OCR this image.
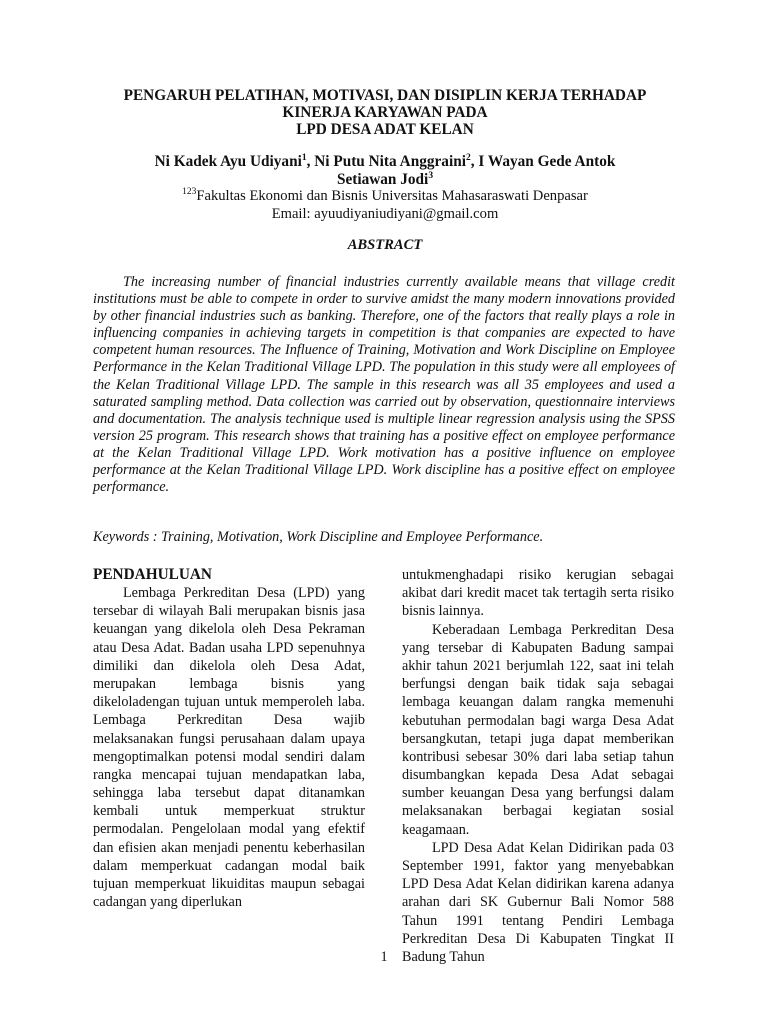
PENGARUH PELATIHAN, MOTIVASI, DAN DISIPLIN KERJA TERHADAP
KINERJA KARYAWAN PADA
LPD DESA ADAT KELAN
Ni Kadek Ayu Udiyani$^1$, Ni Putu Nita Anggraini$^2$, I Wayan Gede Antok
Setiawan Jodi$^3$
$^{123}$Fakultas Ekonomi dan Bisnis Universitas Mahasaraswati Denpasar
Email: ayuudiyaniudiyani@gmail.com
ABSTRACT

The increasing number of financial industries currently available means that village credit institutions must be able to compete in order to survive amidst the many modern innovations provided by other financial industries such as banking. Therefore, one of the factors that really plays a role in influencing companies in achieving targets in competition is that companies are expected to have competent human resources. The Influence of Training, Motivation and Work Discipline on Employee Performance in the Kelan Traditional Village LPD. The population in this study were all employees of the Kelan Traditional Village LPD. The sample in this research was all 35 employees and used a saturated sampling method. Data collection was carried out by observation, questionnaire interviews and documentation. The analysis technique used is multiple linear regression analysis using the SPSS version 25 program. This research shows that training has a positive effect on employee performance at the Kelan Traditional Village LPD. Work motivation has a positive influence on employee performance at the Kelan Traditional Village LPD. Work discipline has a positive effect on employee performance.

Keywords : Training, Motivation, Work Discipline and Employee Performance.

PENDAHULUAN

Lembaga Perkreditan Desa (LPD) yang tersebar di wilayah Bali merupakan bisnis jasa keuangan yang dikelola oleh Desa Pekraman atau Desa Adat. Badan usaha LPD sepenuhnya dimiliki dan dikelola oleh Desa Adat, merupakan lembaga bisnis yang dikeloladengan tujuan untuk memperoleh laba. Lembaga Perkreditan Desa wajib melaksanakan fungsi perusahaan dalam upaya mengoptimalkan potensi modal sendiri dalam rangka mencapai tujuan mendapatkan laba, sehingga laba tersebut dapat ditanamkan kembali untuk memperkuat struktur permodalan. Pengelolaan modal yang efektif dan efisien akan menjadi penentu keberhasilan dalam memperkuat cadangan modal baik tujuan memperkuat likuiditas maupun sebagai cadangan yang diperlukan

untukmenghadapi risiko kerugian sebagai akibat dari kredit macet tak tertagih serta risiko bisnis lainnya.

Keberadaan Lembaga Perkreditan Desa yang tersebar di Kabupaten Badung sampai akhir tahun 2021 berjumlah 122, saat ini telah berfungsi dengan baik tidak saja sebagai lembaga keuangan dalam rangka memenuhi kebutuhan permodalan bagi warga Desa Adat bersangkutan, tetapi juga dapat memberikan kontribusi sebesar 30% dari laba setiap tahun disumbangkan kepada Desa Adat sebagai sumber keuangan Desa yang berfungsi dalam melaksanakan berbagai kegiatan sosial keagamaan.

LPD Desa Adat Kelan Didirikan pada 03 September 1991, faktor yang menyebabkan LPD Desa Adat Kelan didirikan karena adanya arahan dari SK Gubernur Bali Nomor 588 Tahun 1991 tentang Pendiri Lembaga Perkreditan Desa Di Kabupaten Tingkat II Badung Tahun

1
